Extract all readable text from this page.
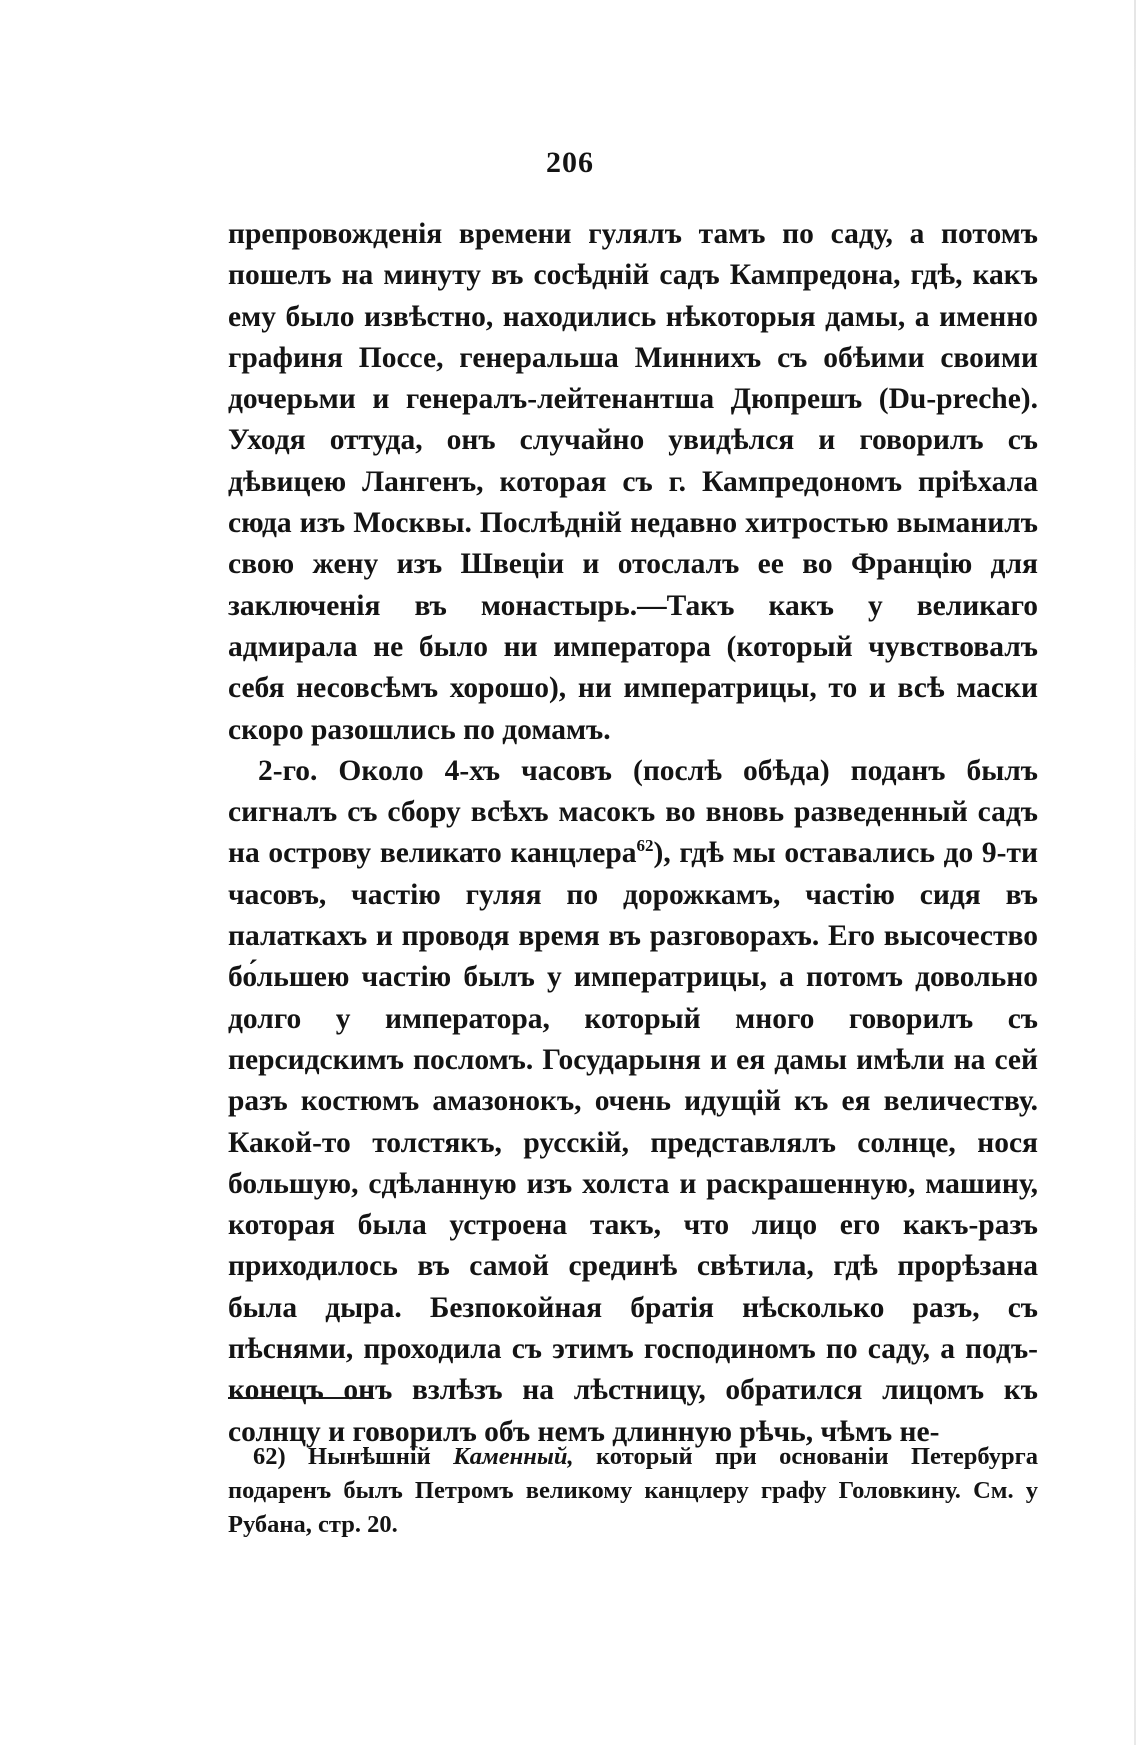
206

препровожденія времени гулялъ тамъ по саду, а потомъ пошелъ на минуту въ сосѣдній садъ Кампредона, гдѣ, какъ ему было извѣстно, находились нѣкоторыя дамы, а именно графиня Поссе, генеральша Миннихъ съ обѣими своими дочерьми и генералъ-лейтенантша Дюпрешъ (Du-preche). Уходя оттуда, онъ случайно увидѣлся и говорилъ съ дѣвицею Лангенъ, которая съ г. Кампредономъ пріѣхала сюда изъ Москвы. Послѣдній недавно хитростью выманилъ свою жену изъ Швеціи и отослалъ ее во Францію для заключенія въ монастырь.—Такъ какъ у великаго адмирала не было ни императора (который чувствовалъ себя несовсѣмъ хорошо), ни императрицы, то и всѣ маски скоро разошлись по домамъ.

2-го. Около 4-хъ часовъ (послѣ обѣда) поданъ былъ сигналъ съ сбору всѣхъ масокъ во вновь разведенный садъ на острову великато канцлера$^{62}$), гдѣ мы оставались до 9-ти часовъ, частію гуляя по дорожкамъ, частію сидя въ палаткахъ и проводя время въ разговорахъ. Его высочество бо́льшею частію былъ у императрицы, а потомъ довольно долго у императора, который много говорилъ съ персидскимъ посломъ. Государыня и ея дамы имѣли на сей разъ костюмъ амазонокъ, очень идущій къ ея величеству. Какой-то толстякъ, русскій, представлялъ солнце, нося большую, сдѣланную изъ холста и раскрашенную, машину, которая была устроена такъ, что лицо его какъ-разъ приходилось въ самой срединѣ свѣтила, гдѣ прорѣзана была дыра. Безпокойная братія нѣсколько разъ, съ пѣснями, проходила съ этимъ господиномъ по саду, а подъ-конецъ онъ взлѣзъ на лѣстницу, обратился лицомъ къ солнцу и говорилъ объ немъ длинную рѣчь, чѣмъ не-

62) Нынѣшній Каменный, который при основаніи Петербурга подаренъ былъ Петромъ великому канцлеру графу Головкину. См. у Рубана, стр. 20.
